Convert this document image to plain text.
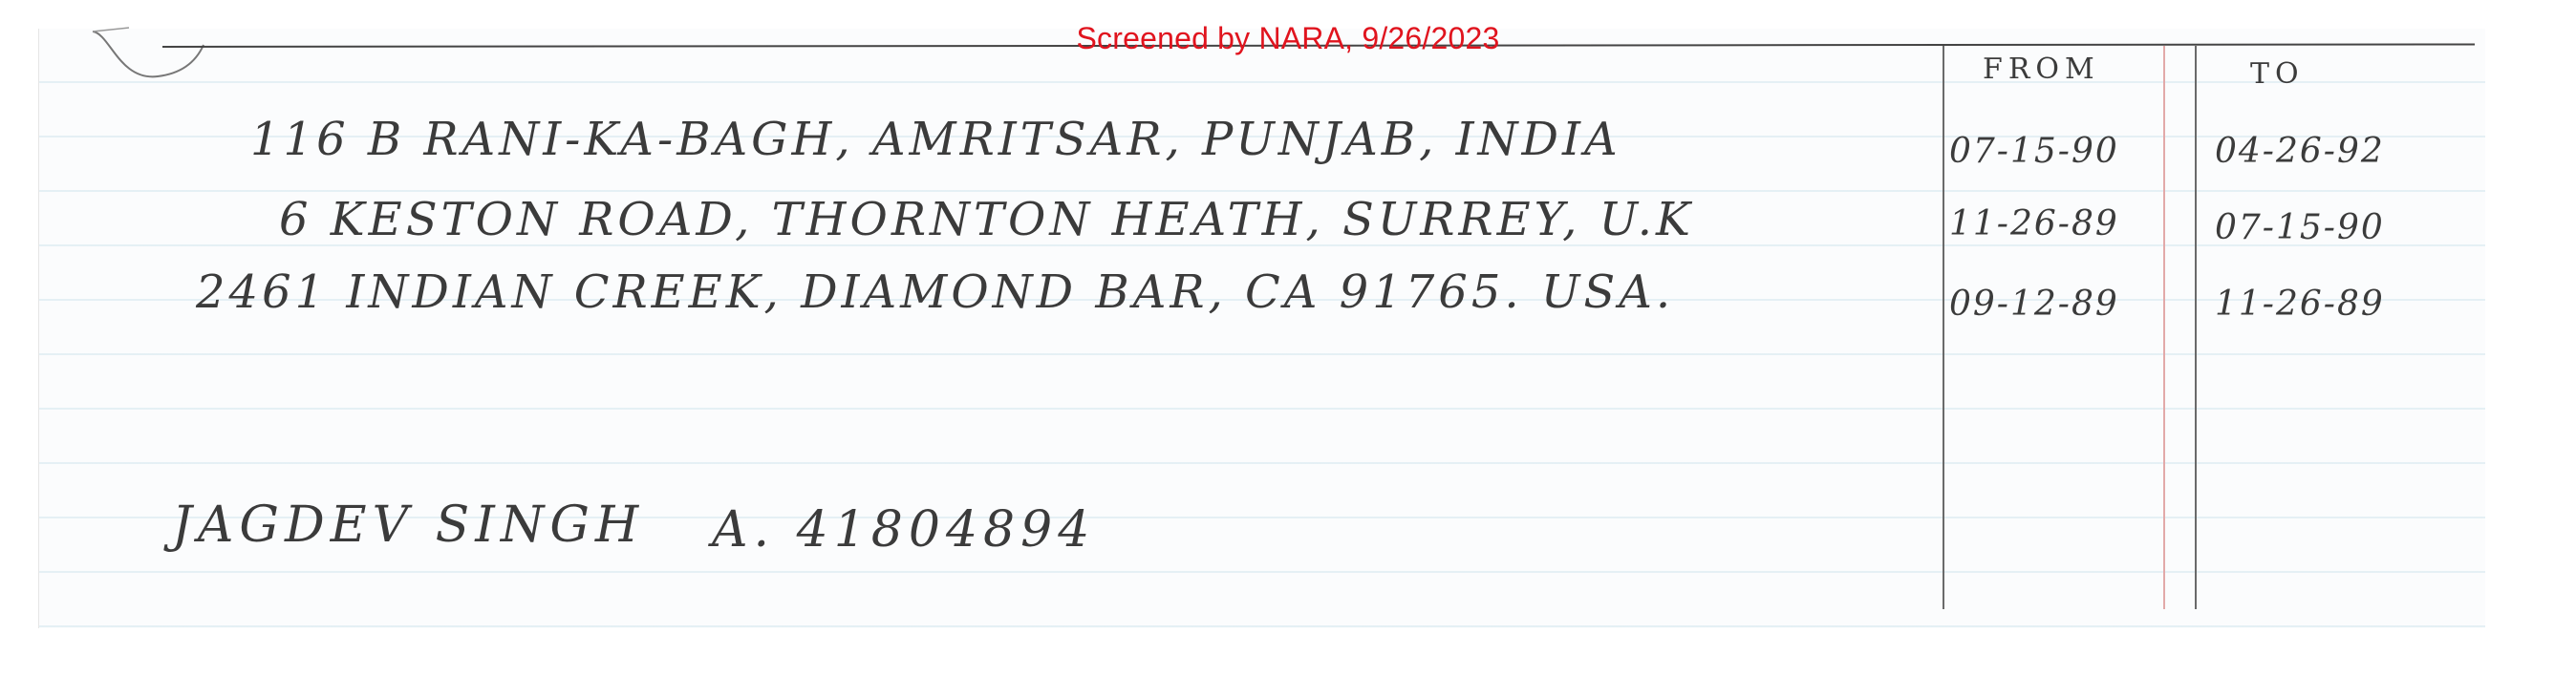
Screened by NARA, 9/26/2023
FROM	TO
116 B RANI-KA-BAGH, AMRITSAR, PUNJAB, INDIA	07-15-90	04-26-92
6 KESTON ROAD, THORNTON HEATH, SURREY, U.K	11-26-89	07-15-90
2461 INDIAN CREEK, DIAMOND BAR, CA 91765. USA.	09-12-89	11-26-89
JAGDEV SINGH A. 41804894
